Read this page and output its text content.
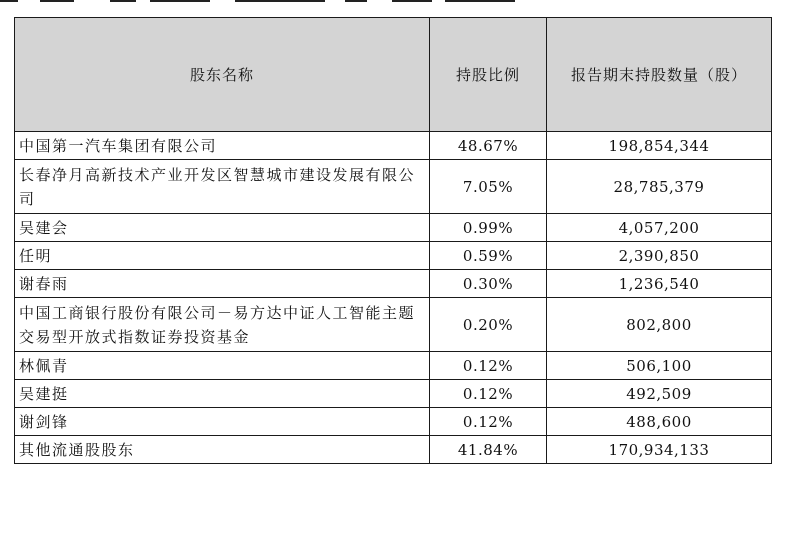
股东名称	持股比例	报告期末持股数量（股）
中国第一汽车集团有限公司	48.67%	198,854,344
长春净月高新技术产业开发区智慧城市建设发展有限公司	7.05%	28,785,379
吴建会	0.99%	4,057,200
任明	0.59%	2,390,850
谢春雨	0.30%	1,236,540
中国工商银行股份有限公司－易方达中证人工智能主题交易型开放式指数证券投资基金	0.20%	802,800
林佩青	0.12%	506,100
吴建挺	0.12%	492,509
谢剑锋	0.12%	488,600
其他流通股股东	41.84%	170,934,133
